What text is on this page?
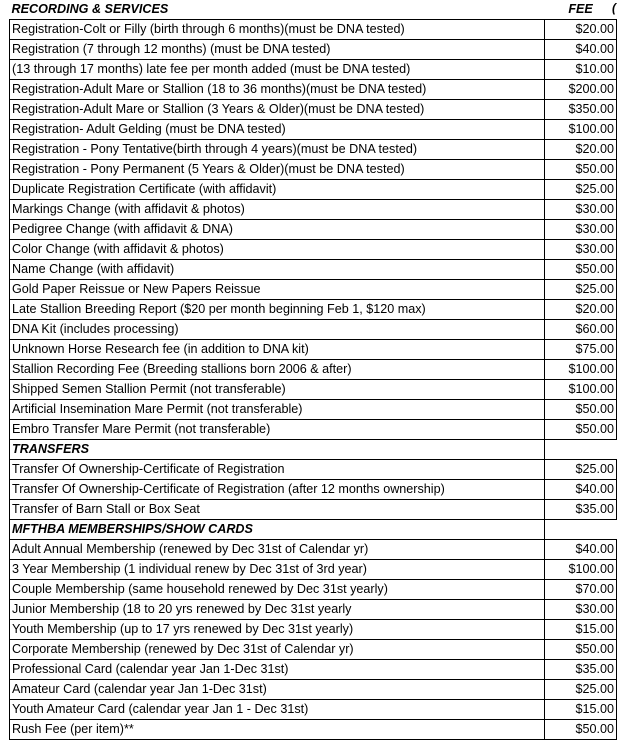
RECORDING & SERVICES	FEE
Registration-Colt or Filly (birth through 6 months)(must be DNA tested)	$20.00
Registration (7 through 12 months) (must be DNA tested)	$40.00
(13 through 17 months) late fee per month added (must be DNA tested)	$10.00
Registration-Adult Mare or Stallion (18 to 36 months)(must be DNA tested)	$200.00
Registration-Adult Mare or Stallion (3 Years & Older)(must be DNA tested)	$350.00
Registration- Adult Gelding (must be DNA tested)	$100.00
Registration - Pony Tentative(birth through 4 years)(must be DNA tested)	$20.00
Registration - Pony Permanent (5 Years & Older)(must be DNA tested)	$50.00
Duplicate Registration Certificate (with affidavit)	$25.00
Markings Change (with affidavit & photos)	$30.00
Pedigree Change (with affidavit & DNA)	$30.00
Color Change (with affidavit & photos)	$30.00
Name Change (with affidavit)	$50.00
Gold Paper Reissue or New Papers Reissue	$25.00
Late Stallion Breeding Report ($20 per month beginning Feb 1, $120 max)	$20.00
DNA Kit (includes processing)	$60.00
Unknown Horse Research fee (in addition to DNA kit)	$75.00
Stallion Recording Fee (Breeding stallions born 2006 & after)	$100.00
Shipped Semen Stallion Permit (not transferable)	$100.00
Artificial Insemination Mare Permit (not transferable)	$50.00
Embro Transfer Mare Permit (not transferable)	$50.00
TRANSFERS	
Transfer Of Ownership-Certificate of Registration	$25.00
Transfer Of Ownership-Certificate of Registration (after 12 months ownership)	$40.00
Transfer of Barn Stall or Box Seat	$35.00
MFTHBA MEMBERSHIPS/SHOW CARDS	
Adult Annual Membership (renewed by Dec 31st of Calendar yr)	$40.00
3 Year Membership (1 individual renew by Dec 31st of 3rd year)	$100.00
Couple Membership (same household renewed by Dec 31st yearly)	$70.00
Junior Membership (18 to 20 yrs renewed by Dec 31st yearly	$30.00
Youth Membership (up to 17 yrs renewed by Dec 31st yearly)	$15.00
Corporate Membership (renewed by Dec 31st of Calendar yr)	$50.00
Professional Card (calendar year Jan 1-Dec 31st)	$35.00
Amateur Card (calendar year Jan 1-Dec 31st)	$25.00
Youth Amateur Card (calendar year Jan 1 - Dec 31st)	$15.00
Rush Fee (per item)**	$50.00
(
